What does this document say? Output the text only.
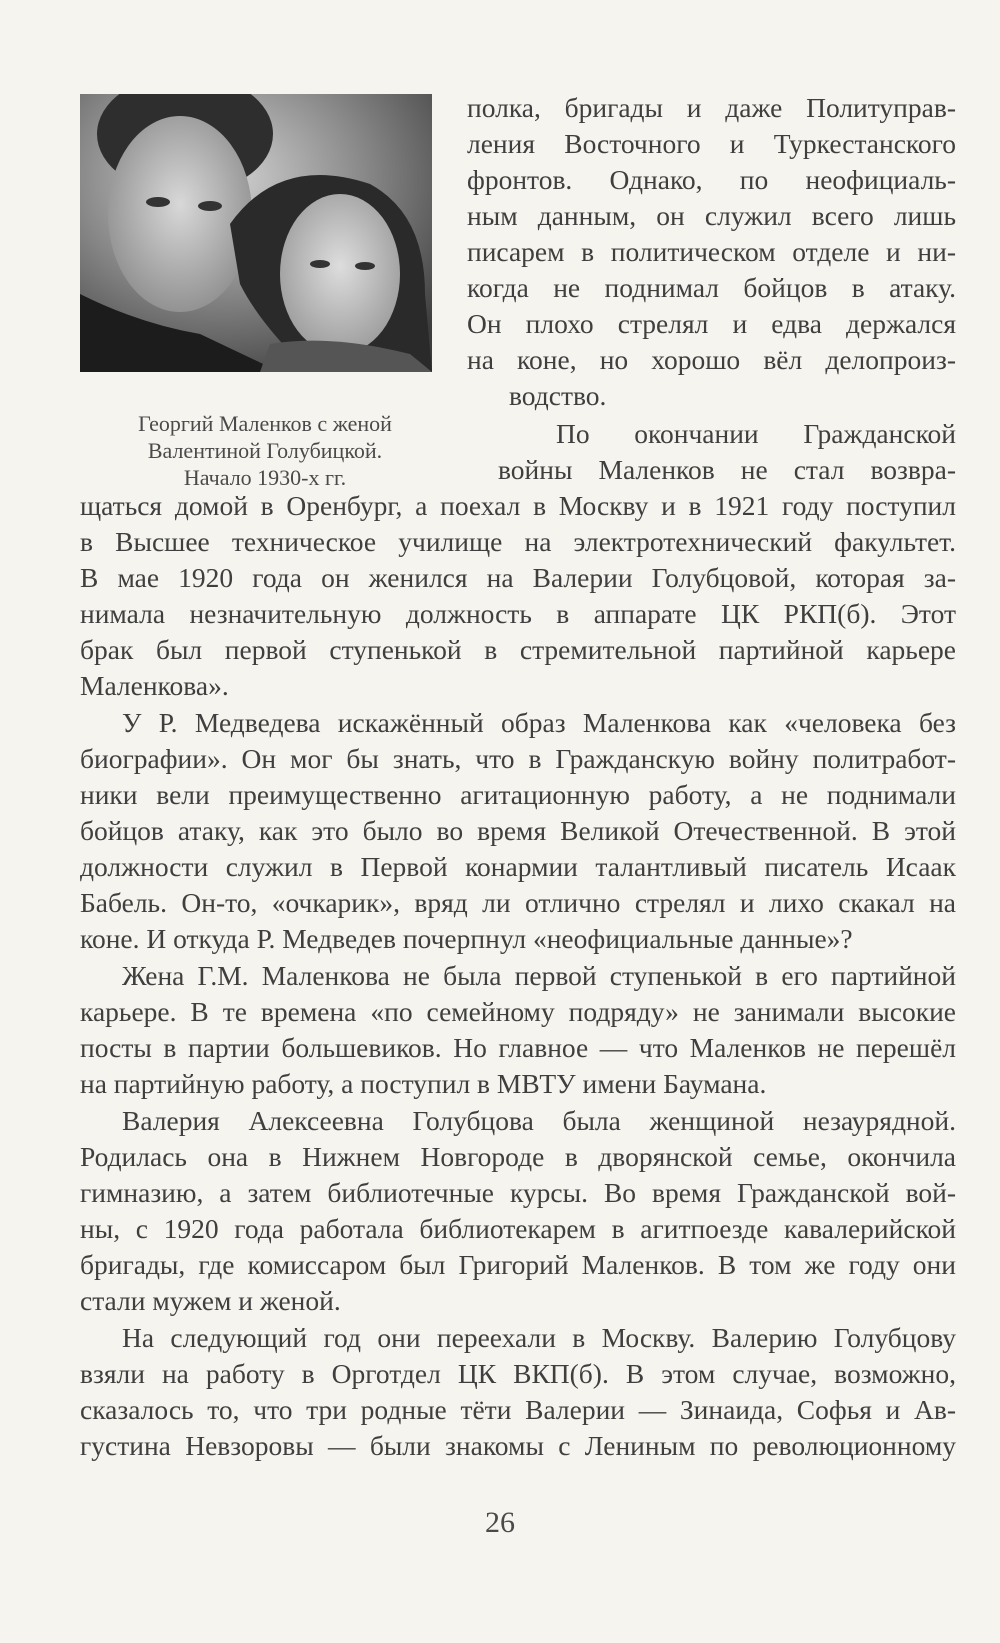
Георгий Маленков с женой
Валентиной Голубицкой.
Начало 1930-х гг.
полка, бригады и даже Политуправ-
ления Восточного и Туркестанского
фронтов. Однако, по неофициаль-
ным данным, он служил всего лишь
писарем в политическом отделе и ни-
когда не поднимал бойцов в атаку.
Он плохо стрелял и едва держался
на коне, но хорошо вёл делопроиз-
водство.
По окончании Гражданской
войны Маленков не стал возвра-
щаться домой в Оренбург, а поехал в Москву и в 1921 году поступил
в Высшее техническое училище на электротехнический факультет.
В мае 1920 года он женился на Валерии Голубцовой, которая за-
нимала незначительную должность в аппарате ЦК РКП(б). Этот
брак был первой ступенькой в стремительной партийной карьере
Маленкова».
У Р. Медведева искажённый образ Маленкова как «человека без
биографии». Он мог бы знать, что в Гражданскую войну политработ-
ники вели преимущественно агитационную работу, а не поднимали
бойцов атаку, как это было во время Великой Отечественной. В этой
должности служил в Первой конармии талантливый писатель Исаак
Бабель. Он-то, «очкарик», вряд ли отлично стрелял и лихо скакал на
коне. И откуда Р. Медведев почерпнул «неофициальные данные»?
Жена Г.М. Маленкова не была первой ступенькой в его партийной
карьере. В те времена «по семейному подряду» не занимали высокие
посты в партии большевиков. Но главное — что Маленков не перешёл
на партийную работу, а поступил в МВТУ имени Баумана.
Валерия Алексеевна Голубцова была женщиной незаурядной.
Родилась она в Нижнем Новгороде в дворянской семье, окончила
гимназию, а затем библиотечные курсы. Во время Гражданской вой-
ны, с 1920 года работала библиотекарем в агитпоезде кавалерийской
бригады, где комиссаром был Григорий Маленков. В том же году они
стали мужем и женой.
На следующий год они переехали в Москву. Валерию Голубцову
взяли на работу в Орготдел ЦК ВКП(б). В этом случае, возможно,
сказалось то, что три родные тёти Валерии — Зинаида, Софья и Ав-
густина Невзоровы — были знакомы с Лениным по революционному
26
